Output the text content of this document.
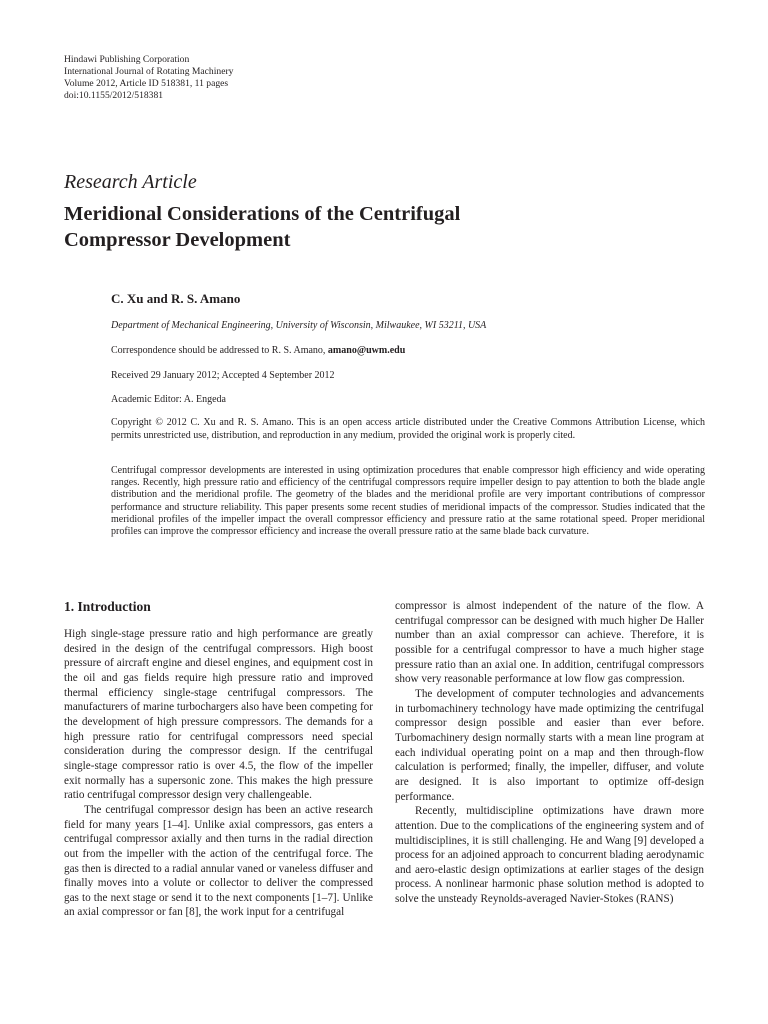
Hindawi Publishing Corporation
International Journal of Rotating Machinery
Volume 2012, Article ID 518381, 11 pages
doi:10.1155/2012/518381
Research Article
Meridional Considerations of the Centrifugal
Compressor Development
C. Xu and R. S. Amano
Department of Mechanical Engineering, University of Wisconsin, Milwaukee, WI 53211, USA
Correspondence should be addressed to R. S. Amano, amano@uwm.edu
Received 29 January 2012; Accepted 4 September 2012
Academic Editor: A. Engeda
Copyright © 2012 C. Xu and R. S. Amano. This is an open access article distributed under the Creative Commons Attribution License, which permits unrestricted use, distribution, and reproduction in any medium, provided the original work is properly cited.
Centrifugal compressor developments are interested in using optimization procedures that enable compressor high efficiency and wide operating ranges. Recently, high pressure ratio and efficiency of the centrifugal compressors require impeller design to pay attention to both the blade angle distribution and the meridional profile. The geometry of the blades and the meridional profile are very important contributions of compressor performance and structure reliability. This paper presents some recent studies of meridional impacts of the compressor. Studies indicated that the meridional profiles of the impeller impact the overall compressor efficiency and pressure ratio at the same rotational speed. Proper meridional profiles can improve the compressor efficiency and increase the overall pressure ratio at the same blade back curvature.
1. Introduction

High single-stage pressure ratio and high performance are greatly desired in the design of the centrifugal compressors. High boost pressure of aircraft engine and diesel engines, and equipment cost in the oil and gas fields require high pressure ratio and improved thermal efficiency single-stage centrifugal compressors. The manufacturers of marine turbochargers also have been competing for the development of high pressure compressors. The demands for a high pressure ratio for centrifugal compressors need special consideration during the compressor design. If the centrifugal single-stage compressor ratio is over 4.5, the flow of the impeller exit normally has a supersonic zone. This makes the high pressure ratio centrifugal compressor design very challengeable.

The centrifugal compressor design has been an active research field for many years [1–4]. Unlike axial compressors, gas enters a centrifugal compressor axially and then turns in the radial direction out from the impeller with the action of the centrifugal force. The gas then is directed to a radial annular vaned or vaneless diffuser and finally moves into a volute or collector to deliver the compressed gas to the next stage or send it to the next components [1–7]. Unlike an axial compressor or fan [8], the work input for a centrifugal

compressor is almost independent of the nature of the flow. A centrifugal compressor can be designed with much higher De Haller number than an axial compressor can achieve. Therefore, it is possible for a centrifugal compressor to have a much higher stage pressure ratio than an axial one. In addition, centrifugal compressors show very reasonable performance at low flow gas compression.

The development of computer technologies and advancements in turbomachinery technology have made optimizing the centrifugal compressor design possible and easier than ever before. Turbomachinery design normally starts with a mean line program at each individual operating point on a map and then through-flow calculation is performed; finally, the impeller, diffuser, and volute are designed. It is also important to optimize off-design performance.

Recently, multidiscipline optimizations have drawn more attention. Due to the complications of the engineering system and of multidisciplines, it is still challenging. He and Wang [9] developed a process for an adjoined approach to concurrent blading aerodynamic and aero-elastic design optimizations at earlier stages of the design process. A nonlinear harmonic phase solution method is adopted to solve the unsteady Reynolds-averaged Navier-Stokes (RANS)
